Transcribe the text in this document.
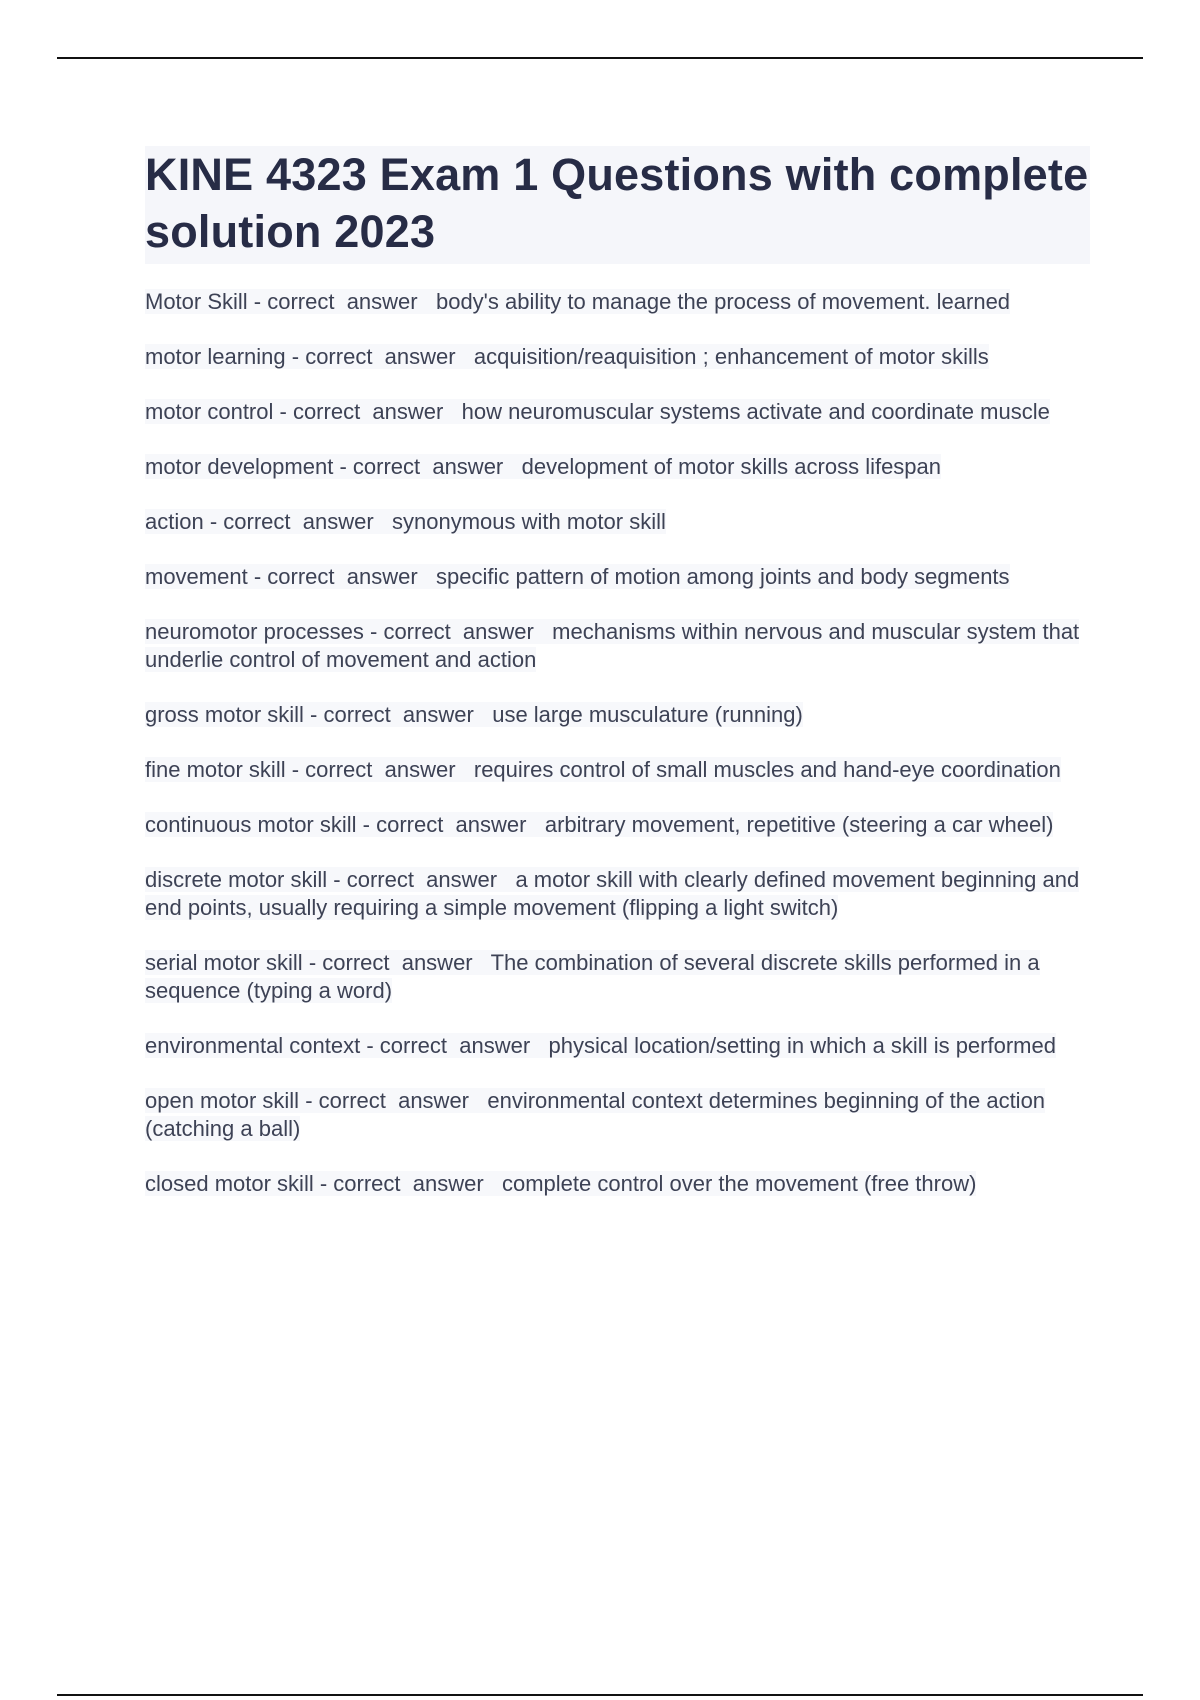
KINE 4323 Exam 1 Questions with complete solution 2023

Motor Skill - correct  answer   body's ability to manage the process of movement. learned

motor learning - correct  answer   acquisition/reaquisition ; enhancement of motor skills

motor control - correct  answer   how neuromuscular systems activate and coordinate muscle

motor development - correct  answer   development of motor skills across lifespan

action - correct  answer   synonymous with motor skill

movement - correct  answer   specific pattern of motion among joints and body segments

neuromotor processes - correct  answer   mechanisms within nervous and muscular system that underlie control of movement and action

gross motor skill - correct  answer   use large musculature (running)

fine motor skill - correct  answer   requires control of small muscles and hand-eye coordination

continuous motor skill - correct  answer   arbitrary movement, repetitive (steering a car wheel)

discrete motor skill - correct  answer   a motor skill with clearly defined movement beginning and end points, usually requiring a simple movement (flipping a light switch)

serial motor skill - correct  answer   The combination of several discrete skills performed in a sequence (typing a word)

environmental context - correct  answer   physical location/setting in which a skill is performed

open motor skill - correct  answer   environmental context determines beginning of the action (catching a ball)

closed motor skill - correct  answer   complete control over the movement (free throw)
